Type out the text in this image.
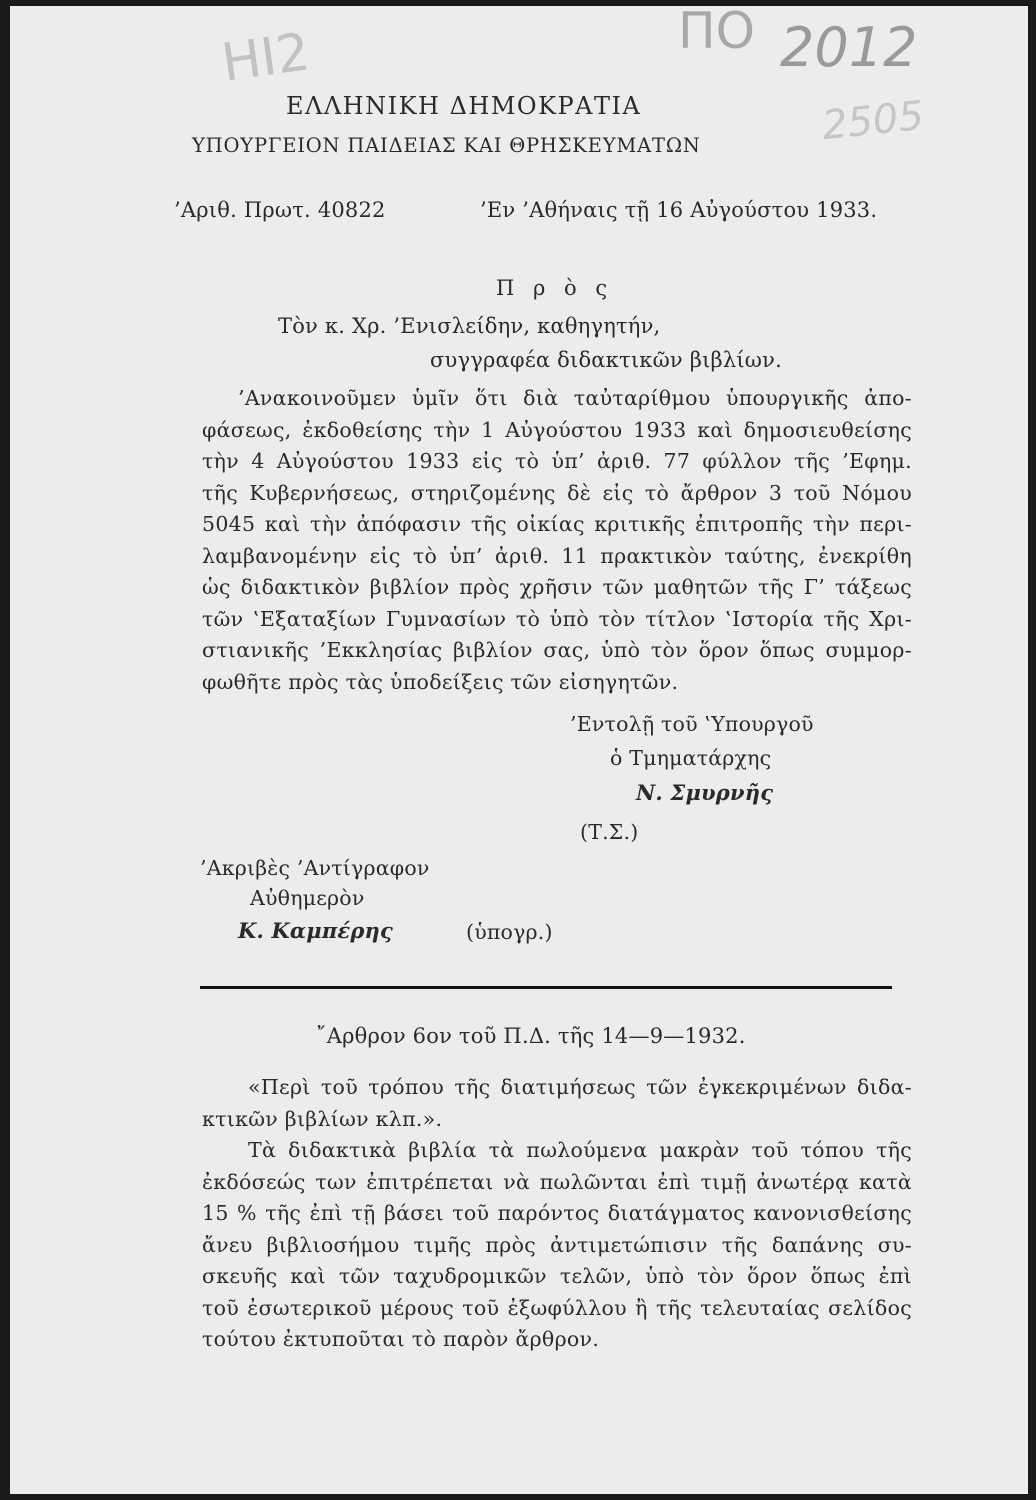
ΗΙ2	ΠΟ 2012
2505
ΕΛΛΗΝΙΚΗ ΔΗΜΟΚΡΑΤΙΑ
ΥΠΟΥΡΓΕΙΟΝ ΠΑΙΔΕΙΑΣ ΚΑΙ ΘΡΗΣΚΕΥΜΑΤΩΝ
’Αριθ. Πρωτ. 40822	’Εν ’Αθήναις τῇ 16 Αὐγούστου 1933.
Π ρ ὸ ς
Τὸν κ. Χρ. ’Ενισλείδην, καθηγητήν,
συγγραφέα διδακτικῶν βιβλίων.
’Ανακοινοῦμεν ὑμῖν ὅτι διὰ ταὐταρίθμου ὑπουργικῆς ἀπο-
φάσεως, ἐκδοθείσης τὴν 1 Αὐγούστου 1933 καὶ δημοσιευθείσης
τὴν 4 Αὐγούστου 1933 εἰς τὸ ὑπ’ ἀριθ. 77 φύλλον τῆς ’Εφημ.
τῆς Κυβερνήσεως, στηριζομένης δὲ εἰς τὸ ἄρθρον 3 τοῦ Νόμου
5045 καὶ τὴν ἀπόφασιν τῆς οἰκίας κριτικῆς ἐπιτροπῆς τὴν περι-
λαμβανομένην εἰς τὸ ὑπ’ ἀριθ. 11 πρακτικὸν ταύτης, ἐνεκρίθη
ὡς διδακτικὸν βιβλίον πρὸς χρῆσιν τῶν μαθητῶν τῆς Γ’ τάξεως
τῶν ‛Εξαταξίων Γυμνασίων τὸ ὑπὸ τὸν τίτλον ‛Ιστορία τῆς Χρι-
στιανικῆς ’Εκκλησίας βιβλίον σας, ὑπὸ τὸν ὅρον ὅπως συμμορ-
φωθῆτε πρὸς τὰς ὑποδείξεις τῶν εἰσηγητῶν.
’Εντολῇ τοῦ ‛Υπουργοῦ
ὁ Τμηματάρχης
Ν. Σμυρνῆς
(Τ.Σ.)
’Ακριβὲς ’Αντίγραφον
Αὐθημερὸν
Κ. Καμπέρης	(ὑπογρ.)
῎Αρθρον 6ον τοῦ Π.Δ. τῆς 14—9—1932.
«Περὶ τοῦ τρόπου τῆς διατιμήσεως τῶν ἐγκεκριμένων διδα-
κτικῶν βιβλίων κλπ.».
Τὰ διδακτικὰ βιβλία τὰ πωλούμενα μακρὰν τοῦ τόπου τῆς
ἐκδόσεώς των ἐπιτρέπεται νὰ πωλῶνται ἐπὶ τιμῇ ἀνωτέρᾳ κατὰ
15 % τῆς ἐπὶ τῇ βάσει τοῦ παρόντος διατάγματος κανονισθείσης
ἄνευ βιβλιοσήμου τιμῆς πρὸς ἀντιμετώπισιν τῆς δαπάνης συ-
σκευῆς καὶ τῶν ταχυδρομικῶν τελῶν, ὑπὸ τὸν ὅρον ὅπως ἐπὶ
τοῦ ἐσωτερικοῦ μέρους τοῦ ἐξωφύλλου ἢ τῆς τελευταίας σελίδος
τούτου ἐκτυποῦται τὸ παρὸν ἄρθρον.
